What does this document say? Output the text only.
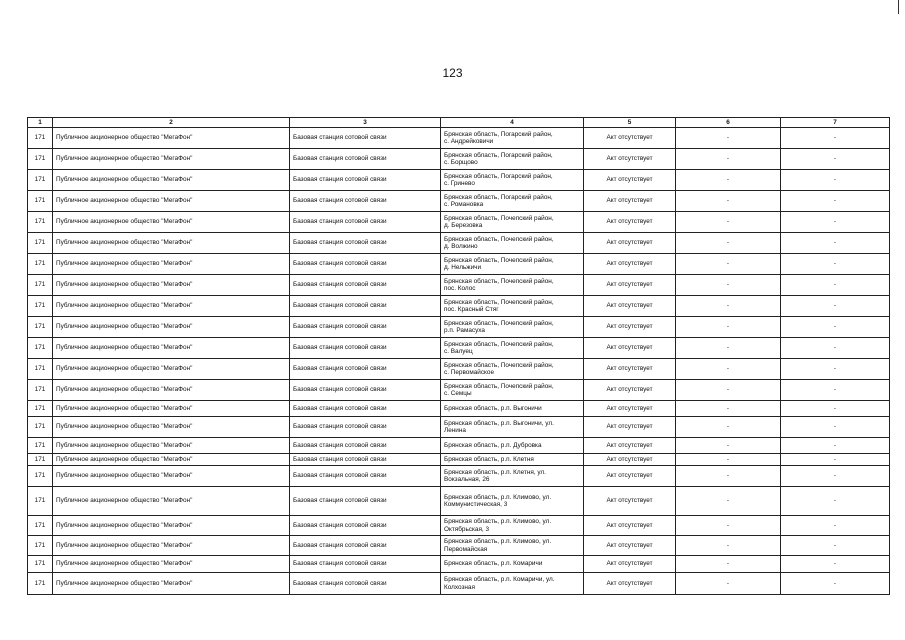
123
1	2	3	4	5	6	7
171	Публичное акционерное общество "МегаФон"	Базовая станция сотовой связи	Брянская область, Погарский район,
с. Андрейковичи	Акт отсутствует	-	-
171	Публичное акционерное общество "МегаФон"	Базовая станция сотовой связи	Брянская область, Погарский район,
с. Борщово	Акт отсутствует	-	-
171	Публичное акционерное общество "МегаФон"	Базовая станция сотовой связи	Брянская область, Погарский район,
с. Гринево	Акт отсутствует	-	-
171	Публичное акционерное общество "МегаФон"	Базовая станция сотовой связи	Брянская область, Погарский район,
с. Романовка	Акт отсутствует	-	-
171	Публичное акционерное общество "МегаФон"	Базовая станция сотовой связи	Брянская область, Почепский район,
д. Березовка	Акт отсутствует	-	-
171	Публичное акционерное общество "МегаФон"	Базовая станция сотовой связи	Брянская область, Почепский район,
д. Волжино	Акт отсутствует	-	-
171	Публичное акционерное общество "МегаФон"	Базовая станция сотовой связи	Брянская область, Почепский район,
д. Нельжичи	Акт отсутствует	-	-
171	Публичное акционерное общество "МегаФон"	Базовая станция сотовой связи	Брянская область, Почепский район,
пос. Колос	Акт отсутствует	-	-
171	Публичное акционерное общество "МегаФон"	Базовая станция сотовой связи	Брянская область, Почепский район,
пос. Красный Стяг	Акт отсутствует	-	-
171	Публичное акционерное общество "МегаФон"	Базовая станция сотовой связи	Брянская область, Почепский район,
р.п. Рамасуха	Акт отсутствует	-	-
171	Публичное акционерное общество "МегаФон"	Базовая станция сотовой связи	Брянская область, Почепский район,
с. Валуец	Акт отсутствует	-	-
171	Публичное акционерное общество "МегаФон"	Базовая станция сотовой связи	Брянская область, Почепский район,
с. Первомайское	Акт отсутствует	-	-
171	Публичное акционерное общество "МегаФон"	Базовая станция сотовой связи	Брянская область, Почепский район,
с. Семцы	Акт отсутствует	-	-
171	Публичное акционерное общество "МегаФон"	Базовая станция сотовой связи	Брянская область, р.п. Выгоничи	Акт отсутствует	-	-
171	Публичное акционерное общество "МегаФон"	Базовая станция сотовой связи	Брянская область, р.п. Выгоничи, ул.
Ленина	Акт отсутствует	-	-
171	Публичное акционерное общество "МегаФон"	Базовая станция сотовой связи	Брянская область, р.п. Дубровка	Акт отсутствует	-	-
171	Публичное акционерное общество "МегаФон"	Базовая станция сотовой связи	Брянская область, р.п. Клетня	Акт отсутствует	-	-
171	Публичное акционерное общество "МегаФон"	Базовая станция сотовой связи	Брянская область, р.п. Клетня, ул.
Вокзальная, 26	Акт отсутствует	-	-
171	Публичное акционерное общество "МегаФон"	Базовая станция сотовой связи	Брянская область, р.п. Климово, ул.
Коммунистическая, 3	Акт отсутствует	-	-
171	Публичное акционерное общество "МегаФон"	Базовая станция сотовой связи	Брянская область, р.п. Климово, ул.
Октябрьская, 3	Акт отсутствует	-	-
171	Публичное акционерное общество "МегаФон"	Базовая станция сотовой связи	Брянская область, р.п. Климово, ул.
Первомайская	Акт отсутствует	-	-
171	Публичное акционерное общество "МегаФон"	Базовая станция сотовой связи	Брянская область, р.п. Комаричи	Акт отсутствует	-	-
171	Публичное акционерное общество "МегаФон"	Базовая станция сотовой связи	Брянская область, р.п. Комаричи, ул.
Колхозная	Акт отсутствует	-	-
